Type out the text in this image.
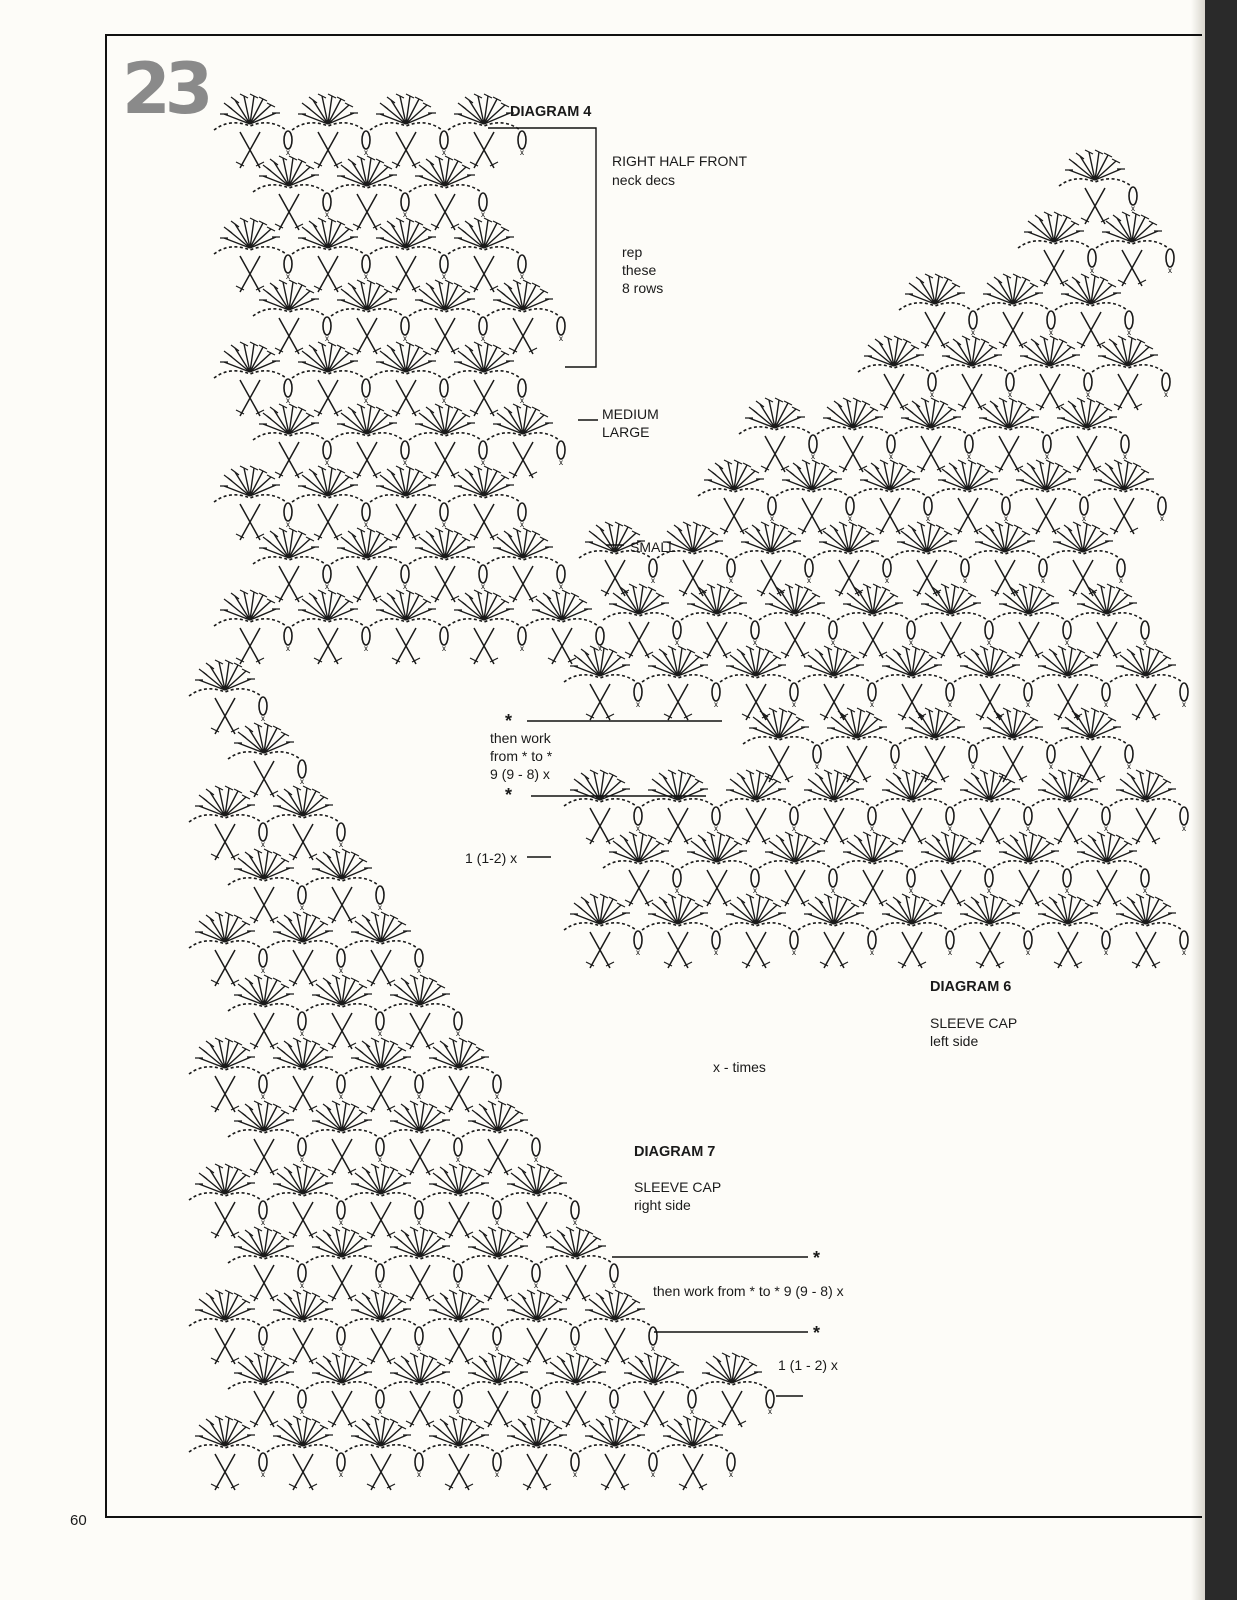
23
60
x
DIAGRAM 4
RIGHT HALF FRONT
neck decs
rep
these
8 rows
MEDIUM
LARGE
SMALL
*
then work
from * to *
9 (9 - 8) x
*
1 (1-2) x
DIAGRAM 6
SLEEVE CAP
left side
x - times
DIAGRAM 7
SLEEVE CAP
right side
*
then work from * to * 9 (9 - 8) x
*
1 (1 - 2) x
